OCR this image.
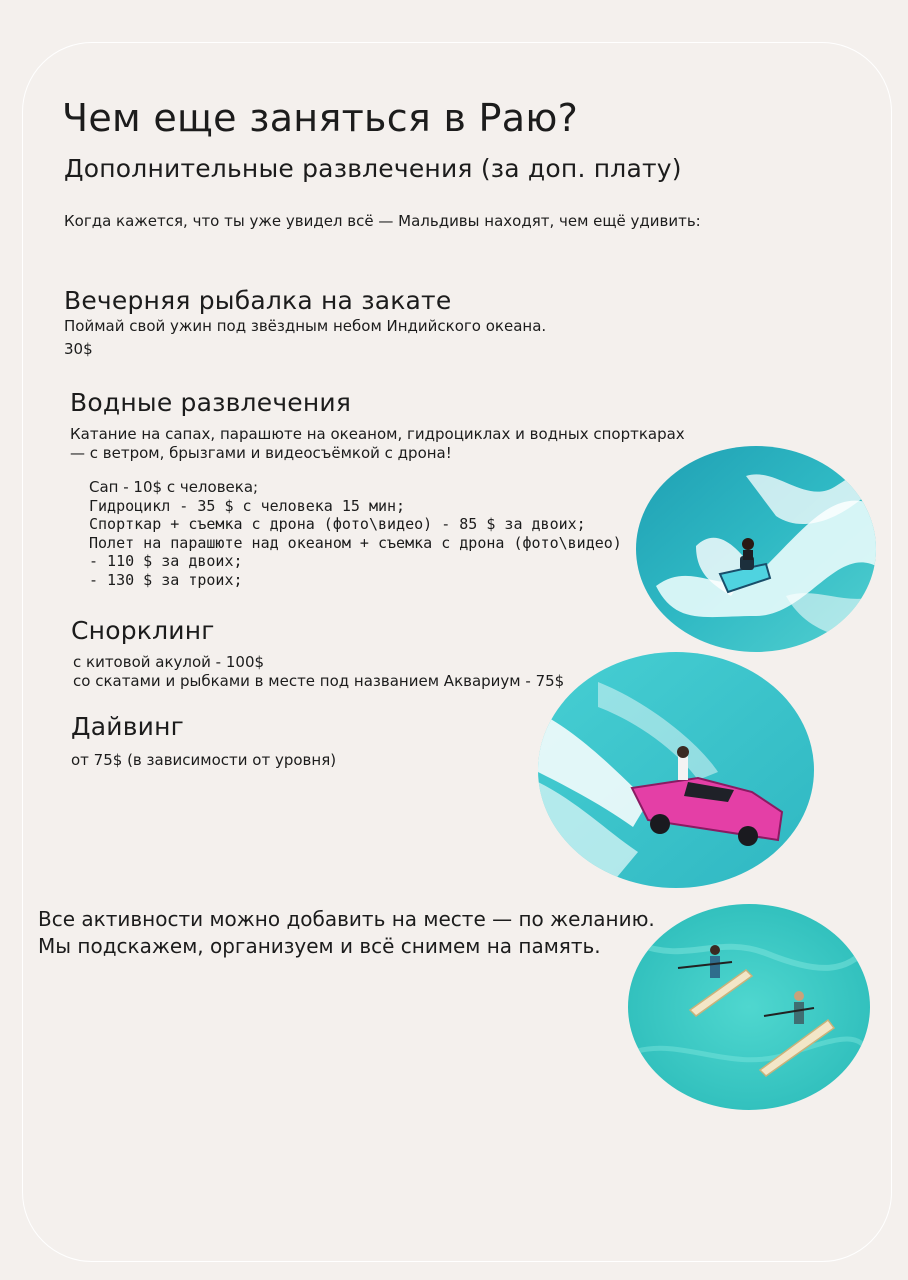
Чем еще заняться в Раю?
Дополнительные развлечения (за доп. плату)
Когда кажется, что ты уже увидел всё — Мальдивы находят, чем ещё удивить:
Вечерняя рыбалка на закате
Поймай свой ужин под звёздным небом Индийского океана.
30$
Водные развлечения
Катание на сапах, парашюте на океаном, гидроциклах и водных спорткарах
— с ветром, брызгами и видеосъёмкой с дрона!
Сап - 10$ с человека;
Гидроцикл - 35 $ с человека 15 мин;
Спорткар + съемка с дрона (фото\видео) - 85 $ за двоих;
Полет на парашюте над океаном + съемка с дрона (фото\видео)
- 110 $ за двоих;
- 130 $ за троих;
Снорклинг
с китовой акулой - 100$
со скатами и рыбками в месте под названием Аквариум - 75$
Дайвинг
от 75$ (в зависимости от уровня)
Все активности можно добавить на месте — по желанию.
Мы подскажем, организуем и всё снимем на память.
